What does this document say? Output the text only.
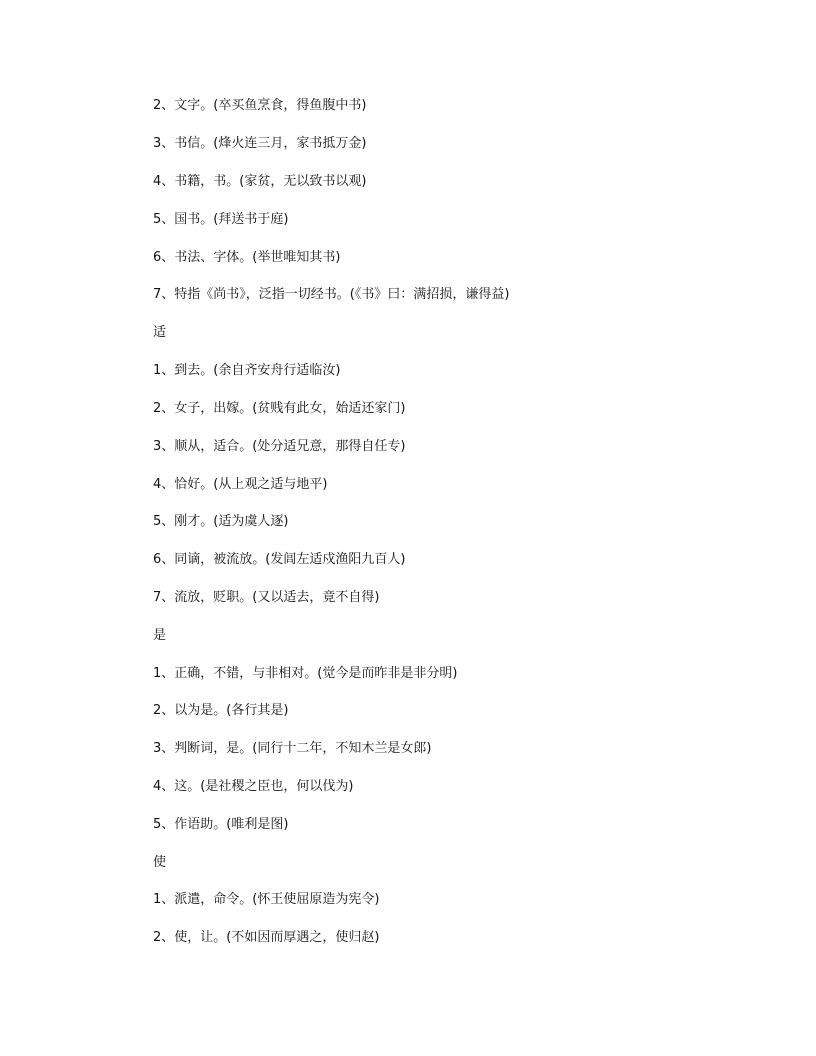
2、文字。(卒买鱼烹食，得鱼腹中书)
3、书信。(烽火连三月，家书抵万金)
4、书籍，书。(家贫，无以致书以观)
5、国书。(拜送书于庭)
6、书法、字体。(举世唯知其书)
7、特指《尚书》，泛指一切经书。(《书》曰：满招损，谦得益)
适
1、到去。(余自齐安舟行适临汝)
2、女子，出嫁。(贫贱有此女，始适还家门)
3、顺从，适合。(处分适兄意，那得自任专)
4、恰好。(从上观之适与地平)
5、刚才。(适为虞人逐)
6、同谪，被流放。(发闾左适戍渔阳九百人)
7、流放，贬职。(又以适去，竟不自得)
是
1、正确，不错，与非相对。(觉今是而昨非是非分明)
2、以为是。(各行其是)
3、判断词，是。(同行十二年，不知木兰是女郎)
4、这。(是社稷之臣也，何以伐为)
5、作语助。(唯利是图)
使
1、派遣，命令。(怀王使屈原造为宪令)
2、使，让。(不如因而厚遇之，使归赵)
